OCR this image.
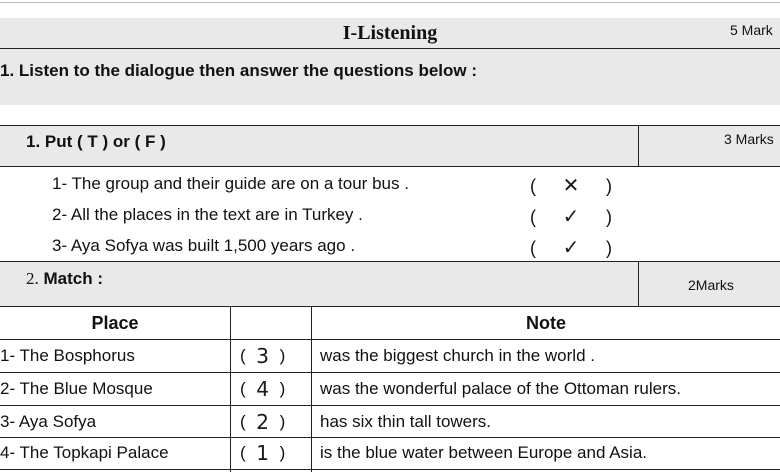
I-Listening	5 Mark
1. Listen to the dialogue then answer the questions below :
1. Put ( T ) or ( F )	3 Marks
1- The group and their guide are on a tour bus .	( ✕ )
2- All the places in the text are in Turkey .	( ✓ )
3- Aya Sofya was built 1,500 years ago .	( ✓ )
2. Match :	2Marks
Place	Note
1- The Bosphorus	( 3 ) was the biggest church in the world .
2- The Blue Mosque	( 4 ) was the wonderful palace of the Ottoman rulers.
3- Aya Sofya	( 2 ) has six thin tall towers.
4- The Topkapi Palace	( 1 ) is the blue water between Europe and Asia.
